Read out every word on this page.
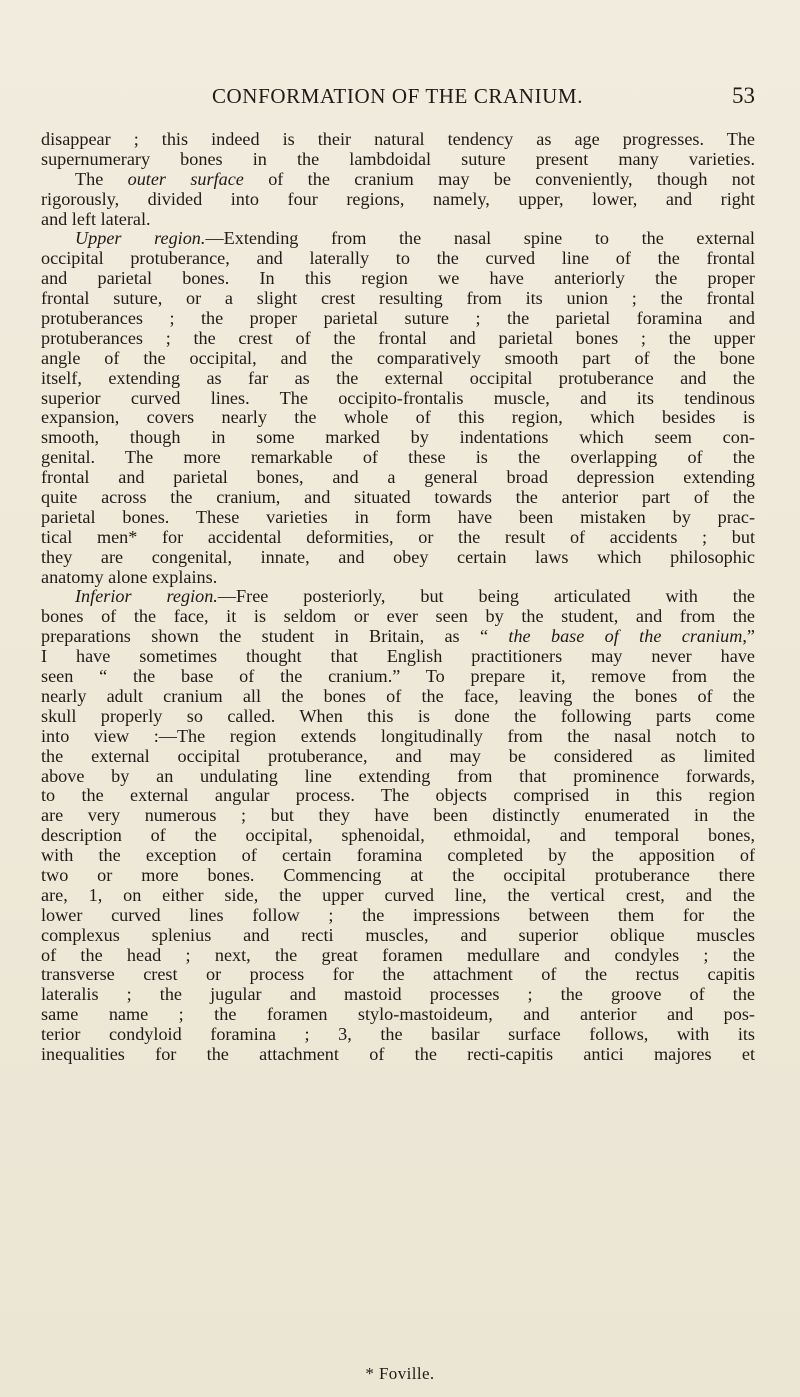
CONFORMATION OF THE CRANIUM.	53
disappear ; this indeed is their natural tendency as age progresses. The
supernumerary bones in the lambdoidal suture present many varieties.
The outer surface of the cranium may be conveniently, though not
rigorously, divided into four regions, namely, upper, lower, and right
and left lateral.
Upper region.—Extending from the nasal spine to the external
occipital protuberance, and laterally to the curved line of the frontal
and parietal bones. In this region we have anteriorly the proper
frontal suture, or a slight crest resulting from its union ; the frontal
protuberances ; the proper parietal suture ; the parietal foramina and
protuberances ; the crest of the frontal and parietal bones ; the upper
angle of the occipital, and the comparatively smooth part of the bone
itself, extending as far as the external occipital protuberance and the
superior curved lines. The occipito-frontalis muscle, and its tendinous
expansion, covers nearly the whole of this region, which besides is
smooth, though in some marked by indentations which seem con-
genital. The more remarkable of these is the overlapping of the
frontal and parietal bones, and a general broad depression extending
quite across the cranium, and situated towards the anterior part of the
parietal bones. These varieties in form have been mistaken by prac-
tical men* for accidental deformities, or the result of accidents ; but
they are congenital, innate, and obey certain laws which philosophic
anatomy alone explains.
Inferior region.—Free posteriorly, but being articulated with the
bones of the face, it is seldom or ever seen by the student, and from the
preparations shown the student in Britain, as “ the base of the cranium,”
I have sometimes thought that English practitioners may never have
seen “ the base of the cranium.” To prepare it, remove from the
nearly adult cranium all the bones of the face, leaving the bones of the
skull properly so called. When this is done the following parts come
into view :—The region extends longitudinally from the nasal notch to
the external occipital protuberance, and may be considered as limited
above by an undulating line extending from that prominence forwards,
to the external angular process. The objects comprised in this region
are very numerous ; but they have been distinctly enumerated in the
description of the occipital, sphenoidal, ethmoidal, and temporal bones,
with the exception of certain foramina completed by the apposition of
two or more bones. Commencing at the occipital protuberance there
are, 1, on either side, the upper curved line, the vertical crest, and the
lower curved lines follow ; the impressions between them for the
complexus splenius and recti muscles, and superior oblique muscles
of the head ; next, the great foramen medullare and condyles ; the
transverse crest or process for the attachment of the rectus capitis
lateralis ; the jugular and mastoid processes ; the groove of the
same name ; the foramen stylo-mastoideum, and anterior and pos-
terior condyloid foramina ; 3, the basilar surface follows, with its
inequalities for the attachment of the recti-capitis antici majores et
* Foville.
